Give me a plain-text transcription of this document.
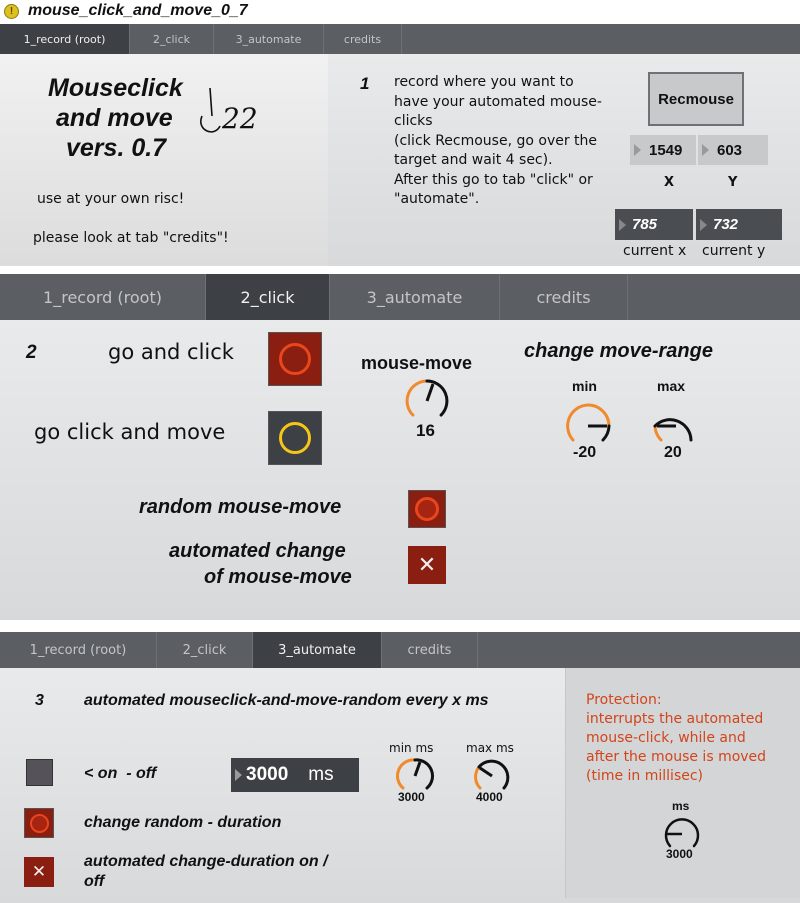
! mouse_click_and_move_0_7
1_record (root)	2_click	3_automate	credits
Mouseclick
and move
vers. 0.7
22
use at your own risc!
please look at tab "credits"!
1 record where you want to
have your automated mouse-
clicks
(click Recmouse, go over the
target and wait 4 sec).
After this go to tab "click" or
"automate".
Recmouse
1549 603
X	Y
785	732
current x current y
1_record (root)	2_click	3_automate	credits
2	go and click
go click and move
mouse-move
16
change move-range
min	max
-20	20
random mouse-move
automated change
of mouse-move	✕
1_record (root)	2_click	3_automate	credits
3	automated mouseclick-and-move-random every x ms
< on  - off	3000 ms
min ms	max ms
3000	4000
change random - duration
✕
automated change-duration on /
off
Protection:
interrupts the automated
mouse-click, while and
after the mouse is moved
(time in millisec)
ms
3000
